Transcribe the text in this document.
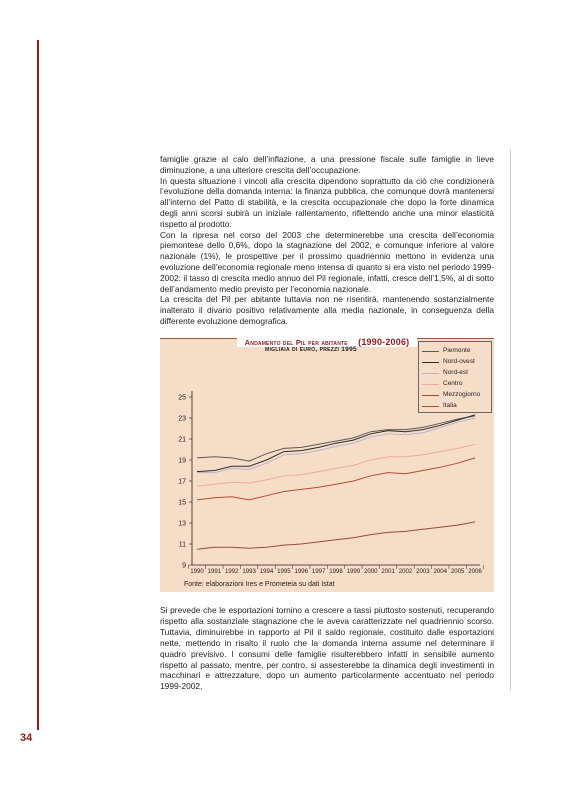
34

famiglie grazie al calo dell’inflazione, a una pressione fiscale sulle famiglie in lieve diminuzione, a una ulteriore crescita dell’occupazione.

In questa situazione i vincoli alla crescita dipendono soprattutto da ciò che condizionerà l’evoluzione della domanda interna: la finanza pubblica, che comunque dovrà mantenersi all’interno del Patto di stabilità, e la crescita occupazionale che dopo la forte dinamica degli anni scorsi subirà un iniziale rallentamento, riflettendo anche una minor elasticità rispetto al prodotto.

Con la ripresa nel corso del 2003 che determinerebbe una crescita dell’economia piemontese dello 0,6%, dopo la stagnazione del 2002, e comunque inferiore al valore nazionale (1%), le prospettive per il prossimo quadriennio mettono in evidenza una evoluzione dell’economia regionale meno intensa di quanto si era visto nel periodo 1999-2002: il tasso di crescita medio annuo del Pil regionale, infatti, cresce dell’1,5%, al di sotto dell’andamento medio previsto per l’economia nazionale.

La crescita del Pil per abitante tuttavia non ne risentirà, mantenendo sostanzialmente inalterato il divario positivo relativamente alla media nazionale, in conseguenza della differente evoluzione demografica.

Andamento del Pil per abitante (1990-2006)
migliaia di euro, prezzi 1995
9
11
13
15
17
19
21
23
25
1990 1991 1992 1993 1994 1995 1996 1997 1998 1999 2000 2001 2002 2003 2004 2005 2006
Piemonte
Nord-ovest
Nord-est
Centro
Mezzogiorno
Italia
Fonte: elaborazioni Ires e Prometeia su dati Istat

Si prevede che le esportazioni tornino a crescere a tassi piuttosto sostenuti, recuperando rispetto alla sostanziale stagnazione che le aveva caratterizzate nel quadriennio scorso. Tuttavia, diminuirebbe in rapporto al Pil il saldo regionale, costituito dalle esportazioni nette, mettendo in risalto il ruolo che la domanda interna assume nel determinare il quadro previsivo. I consumi delle famiglie risulterebbero infatti in sensibile aumento rispetto al passato, mentre, per contro, si assesterebbe la dinamica degli investimenti in macchinari e attrezzature, dopo un aumento particolarmente accentuato nel periodo 1999-2002,
